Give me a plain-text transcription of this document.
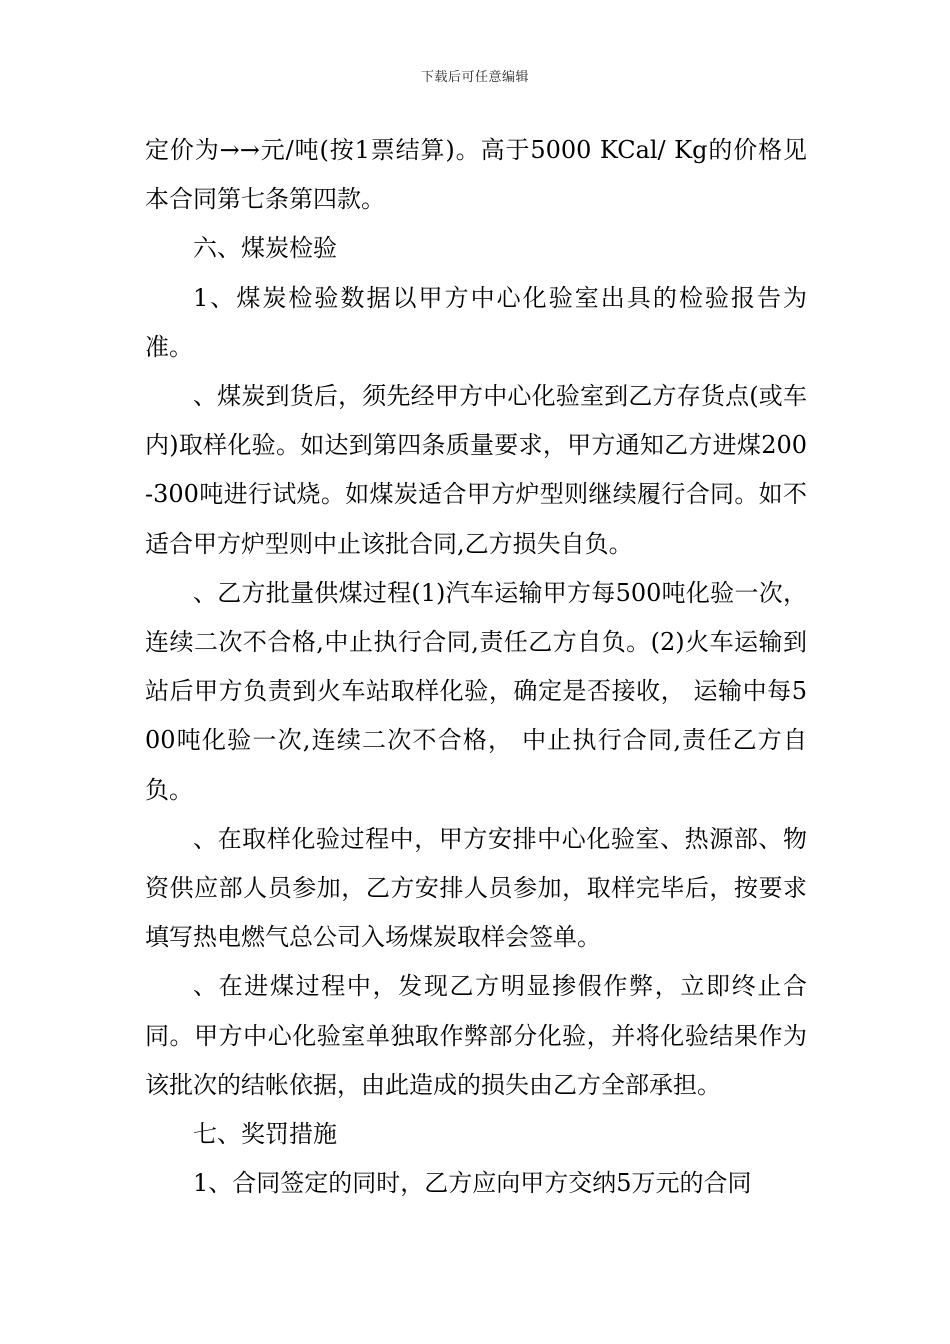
下载后可任意编辑

定价为→→元/吨(按1票结算)。高于5000 KCal/ Kg的价格见本合同第七条第四款。

六、煤炭检验

1、煤炭检验数据以甲方中心化验室出具的检验报告为准。

、煤炭到货后，须先经甲方中心化验室到乙方存货点(或车内)取样化验。如达到第四条质量要求，甲方通知乙方进煤200-300吨进行试烧。如煤炭适合甲方炉型则继续履行合同。如不适合甲方炉型则中止该批合同,乙方损失自负。

、乙方批量供煤过程(1)汽车运输甲方每500吨化验一次，连续二次不合格,中止执行合同,责任乙方自负。(2)火车运输到站后甲方负责到火车站取样化验，确定是否接收， 运输中每500吨化验一次,连续二次不合格， 中止执行合同,责任乙方自负。

、在取样化验过程中，甲方安排中心化验室、热源部、物资供应部人员参加，乙方安排人员参加，取样完毕后，按要求填写热电燃气总公司入场煤炭取样会签单。

、在进煤过程中，发现乙方明显掺假作弊，立即终止合同。甲方中心化验室单独取作弊部分化验，并将化验结果作为该批次的结帐依据，由此造成的损失由乙方全部承担。

七、奖罚措施

1、合同签定的同时，乙方应向甲方交纳5万元的合同
